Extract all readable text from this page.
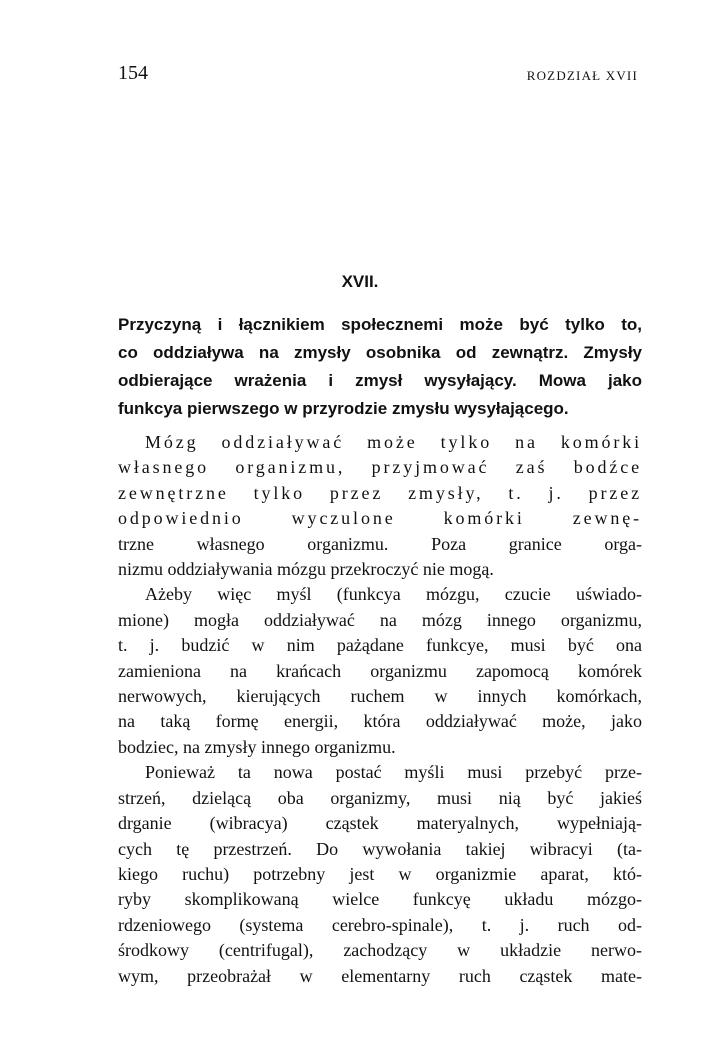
154	ROZDZIAŁ XVII
XVII.
Przyczyną i łącznikiem społecznemi może być tylko to,
co oddziaływa na zmysły osobnika od zewnątrz. Zmysły
odbierające wrażenia i zmysł wysyłający. Mowa jako
funkcya pierwszego w przyrodzie zmysłu wysyłającego.
Mózg oddziaływać może tylko na komórki
własnego organizmu, przyjmować zaś bodźce
zewnętrzne tylko przez zmysły, t. j. przez
odpowiednio wyczulone komórki zewnę-
trzne własnego organizmu. Poza granice orga-
nizmu oddziaływania mózgu przekroczyć nie mogą.
Ażeby więc myśl (funkcya mózgu, czucie uświado-
mione) mogła oddziaływać na mózg innego organizmu,
t. j. budzić w nim pażądane funkcye, musi być ona
zamieniona na krańcach organizmu zapomocą komórek
nerwowych, kierujących ruchem w innych komórkach,
na taką formę energii, która oddziaływać może, jako
bodziec, na zmysły innego organizmu.
Ponieważ ta nowa postać myśli musi przebyć prze-
strzeń, dzielącą oba organizmy, musi nią być jakieś
drganie (wibracya) cząstek materyalnych, wypełniają-
cych tę przestrzeń. Do wywołania takiej wibracyi (ta-
kiego ruchu) potrzebny jest w organizmie aparat, któ-
ryby skomplikowaną wielce funkcyę układu mózgo-
rdzeniowego (systema cerebro-spinale), t. j. ruch od-
środkowy (centrifugal), zachodzący w układzie nerwo-
wym, przeobrażał w elementarny ruch cząstek mate-
